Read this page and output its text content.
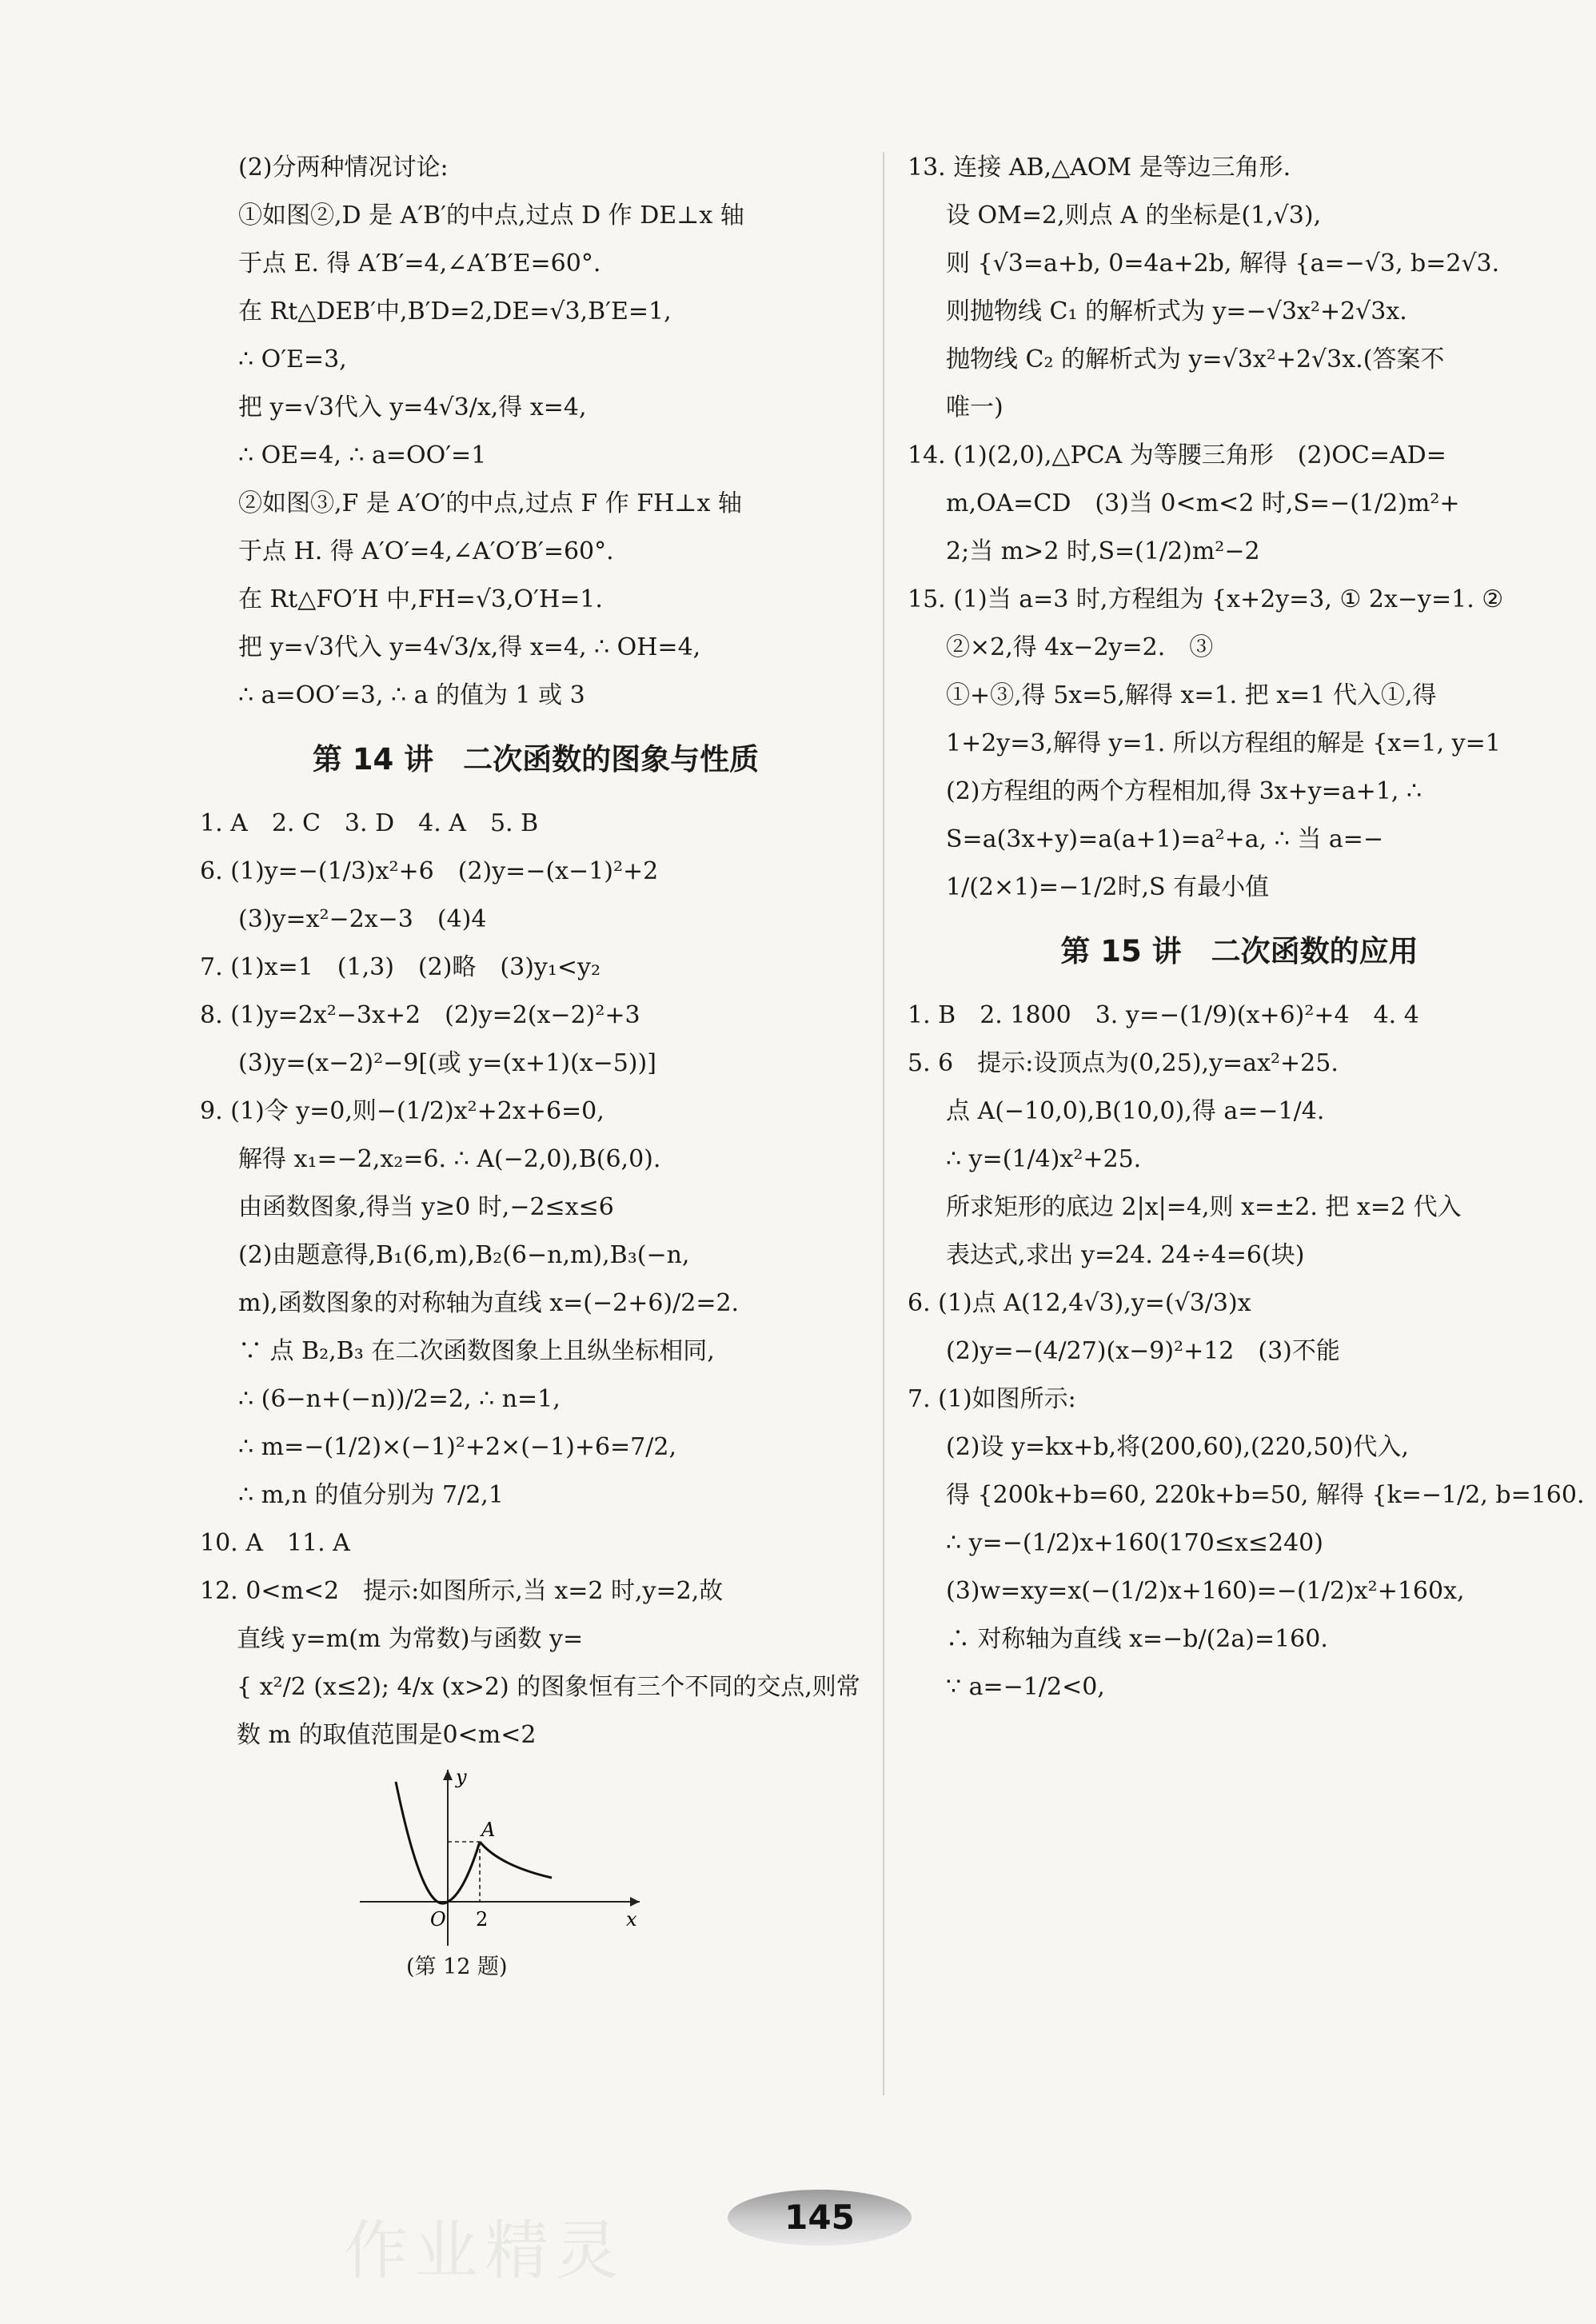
(2)分两种情况讨论:
①如图②,D 是 A′B′的中点,过点 D 作 DE⊥x 轴
于点 E. 得 A′B′=4,∠A′B′E=60°.
在 Rt△DEB′中,B′D=2,DE=√3,B′E=1,
∴ O′E=3,
把 y=√3代入 y=4√3/x,得 x=4,
∴ OE=4, ∴ a=OO′=1
②如图③,F 是 A′O′的中点,过点 F 作 FH⊥x 轴
于点 H. 得 A′O′=4,∠A′O′B′=60°.
在 Rt△FO′H 中,FH=√3,O′H=1.
把 y=√3代入 y=4√3/x,得 x=4, ∴ OH=4,
∴ a=OO′=3, ∴ a 的值为 1 或 3
第 14 讲　二次函数的图象与性质
1. A　2. C　3. D　4. A　5. B
6. (1)y=−(1/3)x²+6　(2)y=−(x−1)²+2
(3)y=x²−2x−3　(4)4
7. (1)x=1　(1,3)　(2)略　(3)y₁<y₂
8. (1)y=2x²−3x+2　(2)y=2(x−2)²+3
(3)y=(x−2)²−9[(或 y=(x+1)(x−5))]
9. (1)令 y=0,则−(1/2)x²+2x+6=0,
解得 x₁=−2,x₂=6. ∴ A(−2,0),B(6,0).
由函数图象,得当 y≥0 时,−2≤x≤6
(2)由题意得,B₁(6,m),B₂(6−n,m),B₃(−n,
m),函数图象的对称轴为直线 x=(−2+6)/2=2.
∵ 点 B₂,B₃ 在二次函数图象上且纵坐标相同,
∴ (6−n+(−n))/2=2, ∴ n=1,
∴ m=−(1/2)×(−1)²+2×(−1)+6=7/2,
∴ m,n 的值分别为 7/2,1
10. A　11. A
12. 0<m<2　提示:如图所示,当 x=2 时,y=2,故
直线 y=m(m 为常数)与函数 y=
{ x²/2 (x≤2); 4/x (x>2) 的图象恒有三个不同的交点,则常
数 m 的取值范围是0<m<2
y
x
O
A
2
(第 12 题)
13. 连接 AB,△AOM 是等边三角形.
设 OM=2,则点 A 的坐标是(1,√3),
则 {√3=a+b, 0=4a+2b, 解得 {a=−√3, b=2√3.
则抛物线 C₁ 的解析式为 y=−√3x²+2√3x.
抛物线 C₂ 的解析式为 y=√3x²+2√3x.(答案不
唯一)
14. (1)(2,0),△PCA 为等腰三角形　(2)OC=AD=
m,OA=CD　(3)当 0<m<2 时,S=−(1/2)m²+
2;当 m>2 时,S=(1/2)m²−2
15. (1)当 a=3 时,方程组为 {x+2y=3, ① 2x−y=1. ②
②×2,得 4x−2y=2.　③
①+③,得 5x=5,解得 x=1. 把 x=1 代入①,得
1+2y=3,解得 y=1. 所以方程组的解是 {x=1, y=1
(2)方程组的两个方程相加,得 3x+y=a+1, ∴
S=a(3x+y)=a(a+1)=a²+a, ∴ 当 a=−
1/(2×1)=−1/2时,S 有最小值
第 15 讲　二次函数的应用
1. B　2. 1800　3. y=−(1/9)(x+6)²+4　4. 4
5. 6　提示:设顶点为(0,25),y=ax²+25.
点 A(−10,0),B(10,0),得 a=−1/4.
∴ y=(1/4)x²+25.
所求矩形的底边 2|x|=4,则 x=±2. 把 x=2 代入
表达式,求出 y=24. 24÷4=6(块)
6. (1)点 A(12,4√3),y=(√3/3)x
(2)y=−(4/27)(x−9)²+12　(3)不能
7. (1)如图所示:
(2)设 y=kx+b,将(200,60),(220,50)代入,
得 {200k+b=60, 220k+b=50, 解得 {k=−1/2, b=160.
∴ y=−(1/2)x+160(170≤x≤240)
(3)w=xy=x(−(1/2)x+160)=−(1/2)x²+160x,
∴ 对称轴为直线 x=−b/(2a)=160.
∵ a=−1/2<0,
作业精灵	145
